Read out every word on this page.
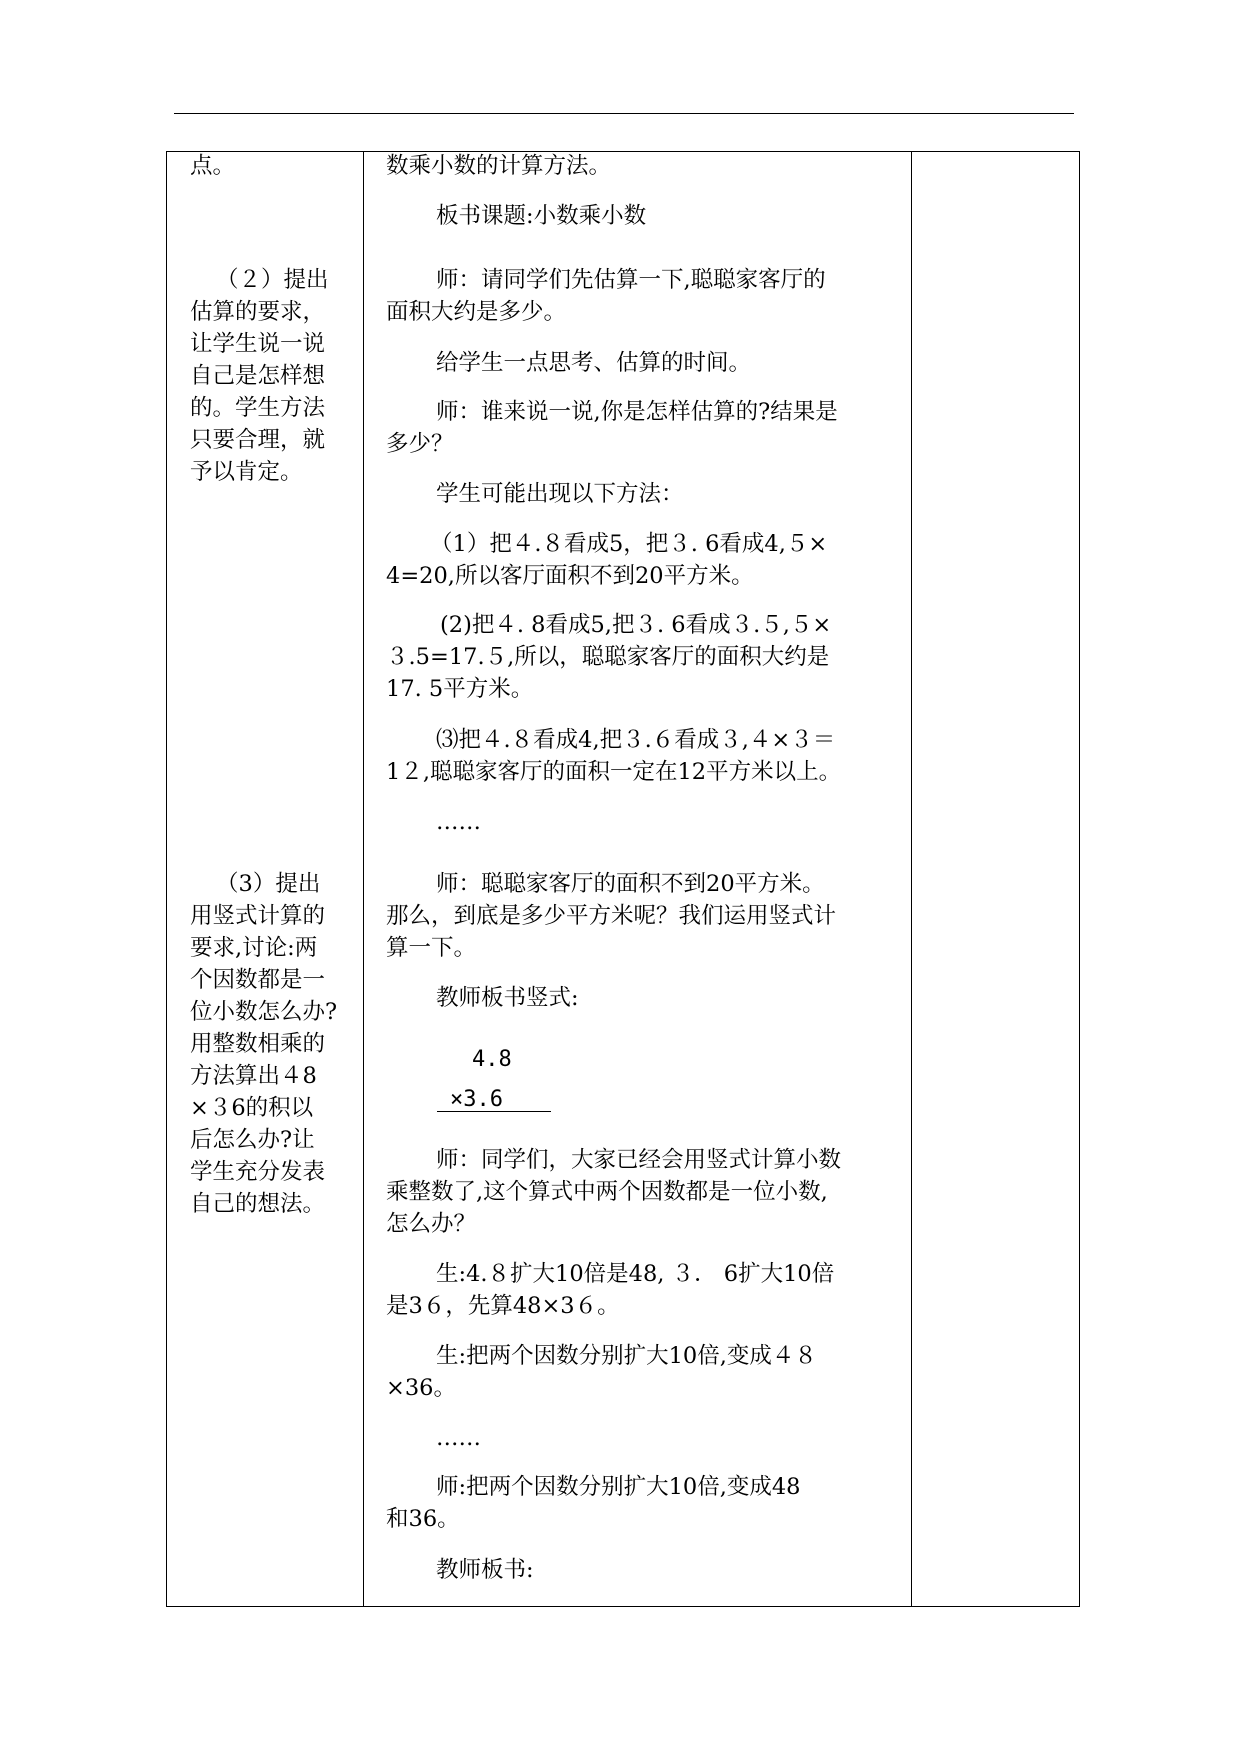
点。

（２）提出

估算的要求，

让学生说一说

自己是怎样想

的。学生方法

只要合理，就

予以肯定。

（3）提出

用竖式计算的

要求,讨论:两

个因数都是一

位小数怎么办?

用整数相乘的

方法算出４8

×３6的积以

后怎么办?让

学生充分发表

自己的想法。

数乘小数的计算方法。

板书课题:小数乘小数

师：请同学们先估算一下,聪聪家客厅的

面积大约是多少。

给学生一点思考、估算的时间。

师：谁来说一说,你是怎样估算的?结果是

多少？

学生可能出现以下方法：

（1）把４.８看成5，把３. 6看成4,５×

4=20,所以客厅面积不到20平方米。

(2)把４. 8看成5,把３. 6看成３.５,５×

３.5=17.５,所以，聪聪家客厅的面积大约是

17. 5平方米。

⑶把４.８看成4,把３.６看成３,４×３＝

1２,聪聪家客厅的面积一定在12平方米以上。

……

师：聪聪家客厅的面积不到20平方米。

那么，到底是多少平方米呢？我们运用竖式计

算一下。

教师板书竖式:

4.8
×3.6

师：同学们，大家已经会用竖式计算小数

乘整数了,这个算式中两个因数都是一位小数,

怎么办？

生:4.８扩大10倍是48, ３． 6扩大10倍

是3６，先算48×3６。

生:把两个因数分别扩大10倍,变成４８

×36。

……

师:把两个因数分别扩大10倍,变成48

和36。

教师板书:
